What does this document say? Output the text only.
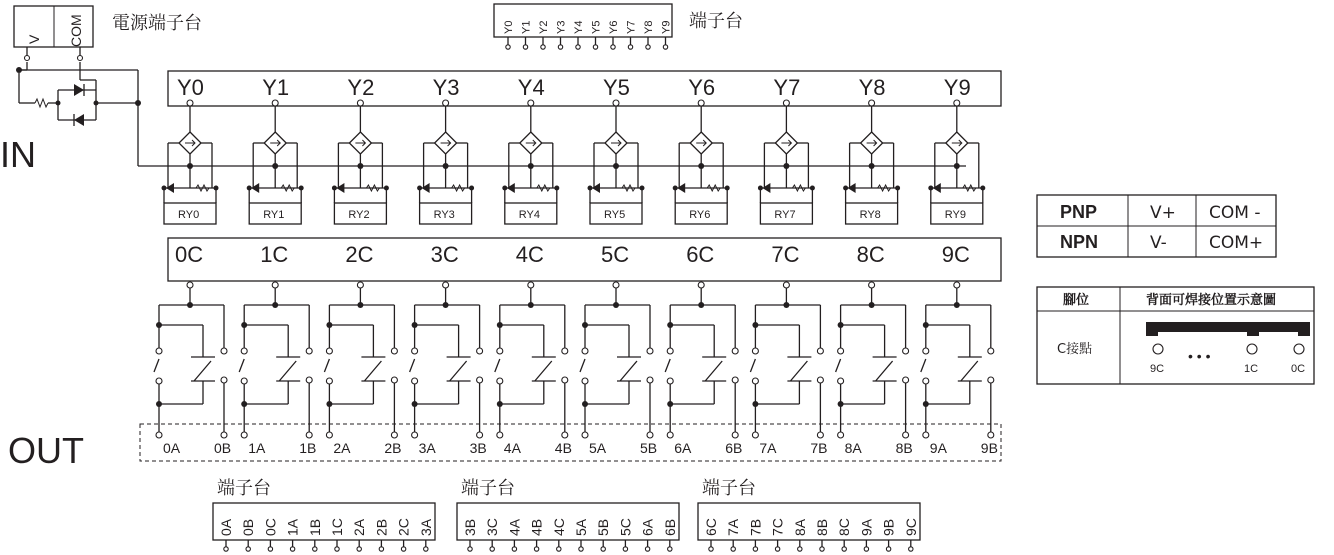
V COM 電源端子台
IN
Y0 Y1 Y2 Y3 Y4 Y5 Y6 Y7 Y8 Y9 端子台
Y0
RY0
Y1
RY1
Y2
RY2
Y3
RY3
Y4
RY4
Y5
RY5
Y6
RY6
Y7
RY7
Y8
RY8
Y9
RY9
0C	1C	2C	3C	4C	5C	6C	7C	8C	9C
0A 0B 1A 1B 2A 2B 3A 3B 4A 4B 5A 5B 6A 6B 7A 7B 8A 8B 9A 9B
OUT
端子台
0A 0B 0C 1A 1B 1C 2A 2B 2C 3A
端子台
3B 3C 4A 4B 4C 5A 5B 5C 6A 6B
端子台
6C 7A 7B 7C 8A 8B 8C 9A 9B 9C
PNP	V+ COM -
NPN	V- COM+
腳位	背面可焊接位置示意圖
C接點	• • •
9C	1C	0C
